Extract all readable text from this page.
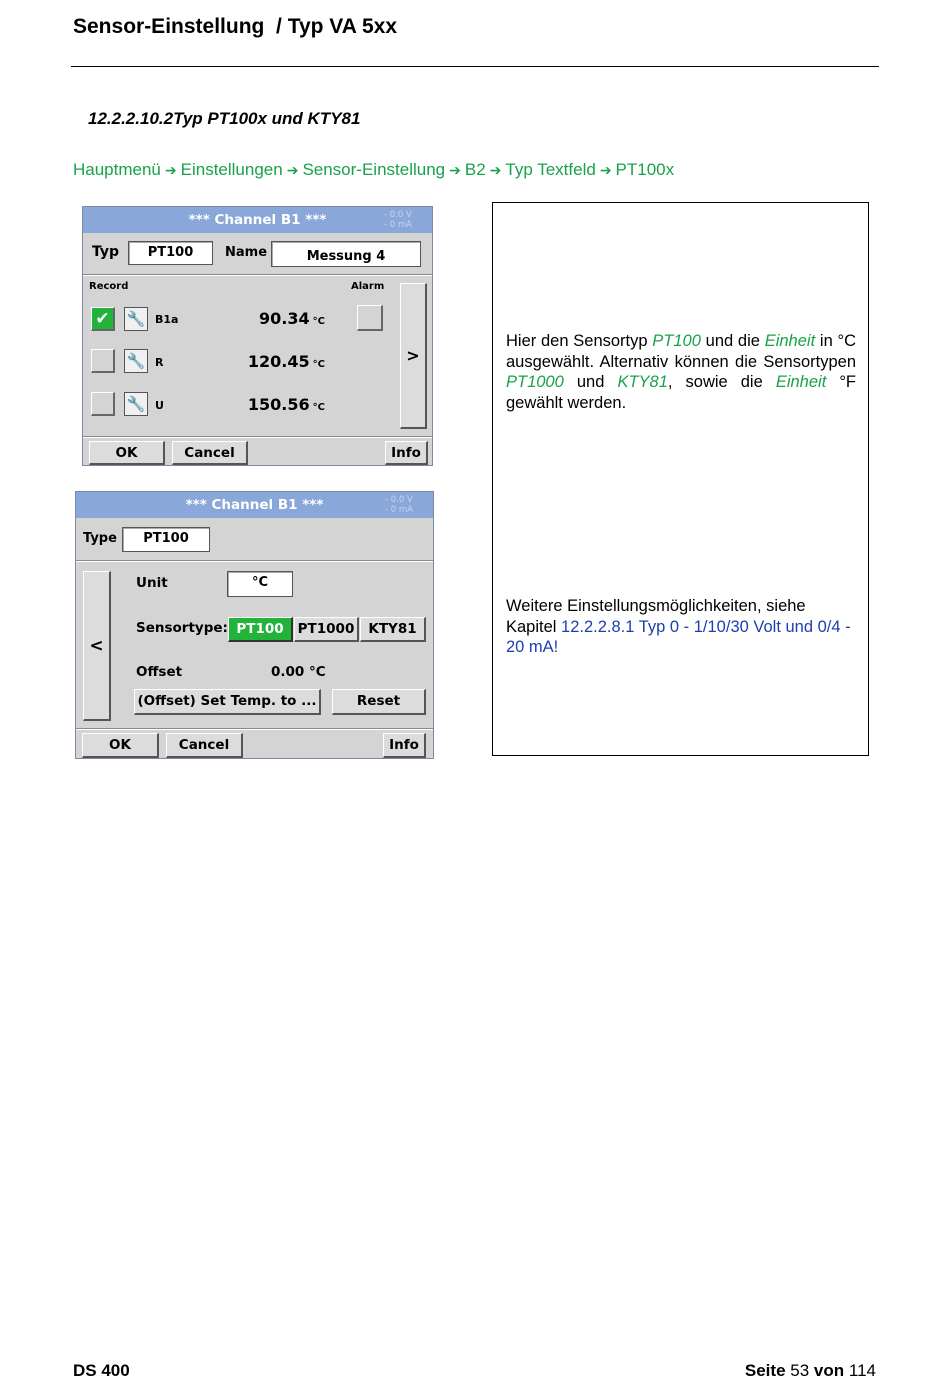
Sensor-Einstellung  / Typ VA 5xx
12.2.2.10.2Typ PT100x und KTY81
Hauptmenü ➔ Einstellungen ➔ Sensor-Einstellung ➔ B2 ➔ Typ Textfeld ➔ PT100x
*** Channel B1 ***	- 0.0 V
- 0 mA
Typ	PT100	Name	Messung 4
Record	Alarm
✔	🔧 B1a	90.34 °C
🔧 R	120.45 °C
🔧 U	150.56 °C
>
OK	Cancel	Info
*** Channel B1 ***	- 0.0 V
- 0 mA
Type	PT100
<
Unit	°C
Sensortype: PT100	PT1000	KTY81
Offset	0.00 °C
(Offset) Set Temp. to ...	Reset
OK	Cancel	Info
Hier den Sensortyp PT100 und die Einheit in °C ausgewählt. Alternativ können die Sensortypen PT1000 und KTY81, sowie die Einheit °F gewählt werden.
Weitere Einstellungsmöglichkeiten, siehe Kapitel 12.2.2.8.1 Typ 0 - 1/10/30 Volt und 0/4 - 20 mA!
DS 400	Seite 53 von 114
